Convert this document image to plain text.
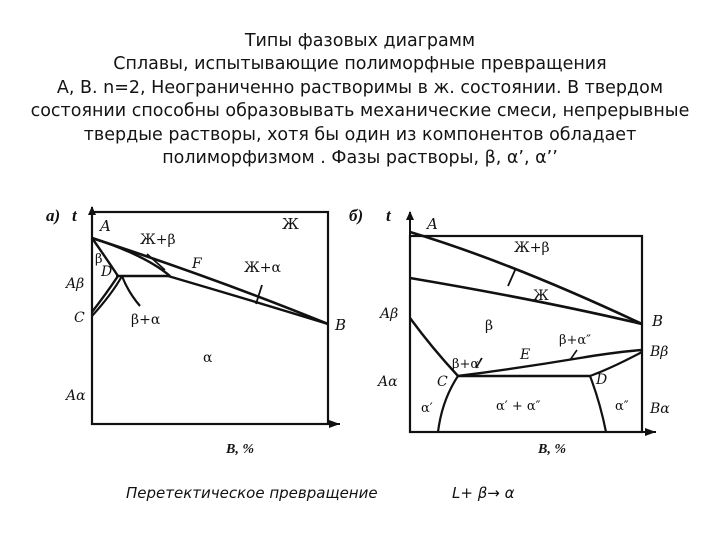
Типы фазовых диаграмм
Сплавы, испытывающие полиморфные превращения
А, В. n=2, Неограниченно растворимы в ж. состоянии. В твердом
состоянии способны образовывать механические смеси, непрерывные
твердые растворы, хотя бы один из компонентов обладает
полиморфизмом . Фазы растворы, β, α’, α’’
а) t
B, %
A	Ж
Ж+β
F	Ж+α
β
D
Aβ
C	β+α	B
α
Aα
б) t
B, %
A
Ж+β
Ж
Aβ
β	B
β+α″
Bβ
E
β+α′
Aα	C	D
α′	α′ + α″	α″ Bα
Перетектическое превращение	L+ β→ α
